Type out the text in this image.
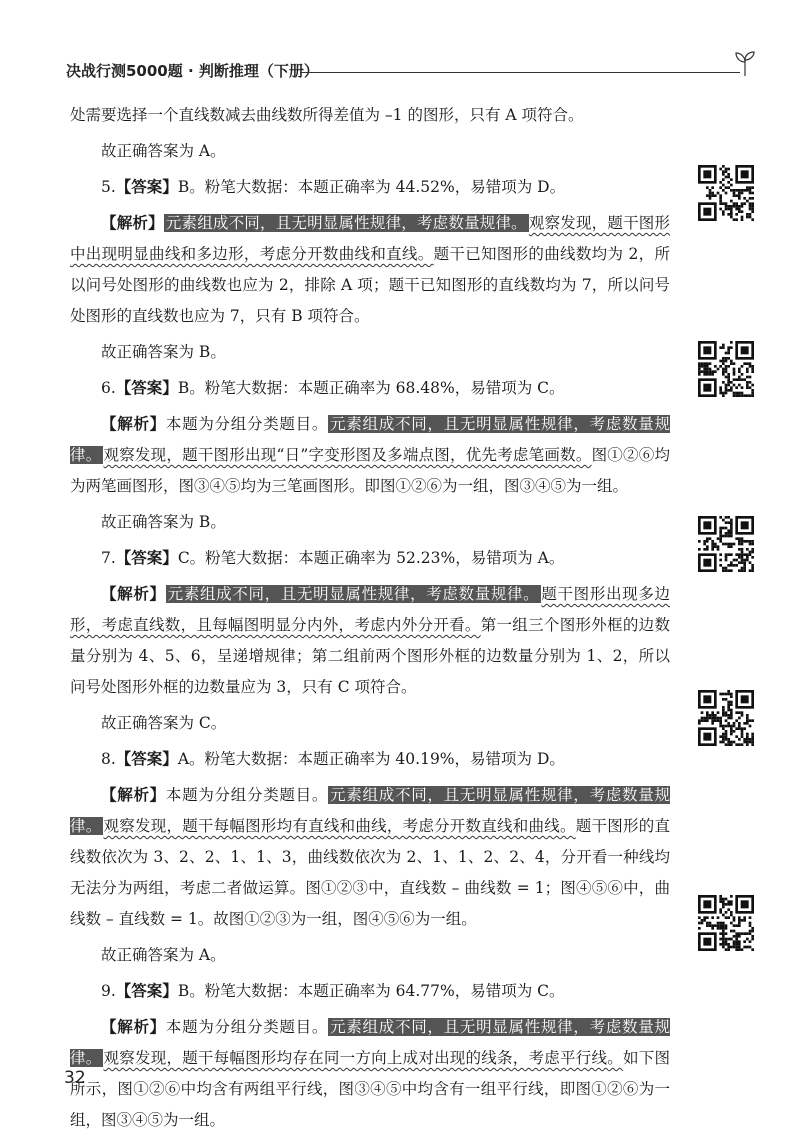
决战行测5000题 · 判断推理（下册）

处需要选择一个直线数减去曲线数所得差值为 –1 的图形，只有 A 项符合。

故正确答案为 A。

5.【答案】B。粉笔大数据：本题正确率为 44.52%，易错项为 D。

【解析】 元素组成不同，且无明显属性规律，考虑数量规律。 观察发现，题干图形中出现明显曲线和多边形，考虑分开数曲线和直线。题干已知图形的曲线数均为 2，所以问号处图形的曲线数也应为 2，排除 A 项；题干已知图形的直线数均为 7，所以问号处图形的直线数也应为 7，只有 B 项符合。

故正确答案为 B。

6.【答案】B。粉笔大数据：本题正确率为 68.48%，易错项为 C。

【解析】本题为分组分类题目。 元素组成不同，且无明显属性规律，考虑数量规律。 观察发现，题干图形出现“日”字变形图及多端点图，优先考虑笔画数。图①②⑥均为两笔画图形，图③④⑤均为三笔画图形。即图①②⑥为一组，图③④⑤为一组。

故正确答案为 B。

7.【答案】C。粉笔大数据：本题正确率为 52.23%，易错项为 A。

【解析】 元素组成不同，且无明显属性规律，考虑数量规律。 题干图形出现多边形，考虑直线数，且每幅图明显分内外，考虑内外分开看。第一组三个图形外框的边数量分别为 4、5、6，呈递增规律；第二组前两个图形外框的边数量分别为 1、2，所以问号处图形外框的边数量应为 3，只有 C 项符合。

故正确答案为 C。

8.【答案】A。粉笔大数据：本题正确率为 40.19%，易错项为 D。

【解析】本题为分组分类题目。 元素组成不同，且无明显属性规律，考虑数量规律。 观察发现，题干每幅图形均有直线和曲线，考虑分开数直线和曲线。题干图形的直线数依次为 3、2、2、1、1、3，曲线数依次为 2、1、1、2、2、4，分开看一种线均无法分为两组，考虑二者做运算。图①②③中，直线数 – 曲线数 = 1；图④⑤⑥中，曲线数 – 直线数 = 1。故图①②③为一组，图④⑤⑥为一组。

故正确答案为 A。

9.【答案】B。粉笔大数据：本题正确率为 64.77%，易错项为 C。

【解析】本题为分组分类题目。 元素组成不同，且无明显属性规律，考虑数量规律。 观察发现，题干每幅图形均存在同一方向上成对出现的线条，考虑平行线。如下图所示，图①②⑥中均含有两组平行线，图③④⑤中均含有一组平行线，即图①②⑥为一组，图③④⑤为一组。

32
